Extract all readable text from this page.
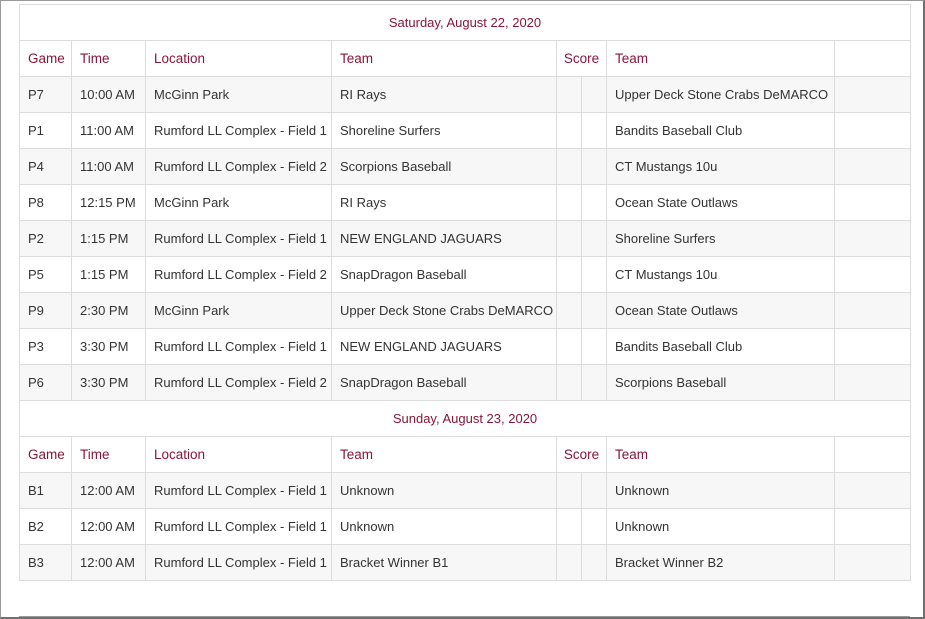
Saturday, August 22, 2020							
Game	Time	Location	Team	Score		Team	
P7	10:00 AM	McGinn Park	RI Rays			Upper Deck Stone Crabs DeMARCO	
P1	11:00 AM	Rumford LL Complex - Field 1	Shoreline Surfers			Bandits Baseball Club	
P4	11:00 AM	Rumford LL Complex - Field 2	Scorpions Baseball			CT Mustangs 10u	
P8	12:15 PM	McGinn Park	RI Rays			Ocean State Outlaws	
P2	1:15 PM	Rumford LL Complex - Field 1	NEW ENGLAND JAGUARS			Shoreline Surfers	
P5	1:15 PM	Rumford LL Complex - Field 2	SnapDragon Baseball			CT Mustangs 10u	
P9	2:30 PM	McGinn Park	Upper Deck Stone Crabs DeMARCO			Ocean State Outlaws	
P3	3:30 PM	Rumford LL Complex - Field 1	NEW ENGLAND JAGUARS			Bandits Baseball Club	
P6	3:30 PM	Rumford LL Complex - Field 2	SnapDragon Baseball			Scorpions Baseball	
Sunday, August 23, 2020							
Game	Time	Location	Team	Score		Team	
B1	12:00 AM	Rumford LL Complex - Field 1	Unknown			Unknown	
B2	12:00 AM	Rumford LL Complex - Field 1	Unknown			Unknown	
B3	12:00 AM	Rumford LL Complex - Field 1	Bracket Winner B1			Bracket Winner B2	
